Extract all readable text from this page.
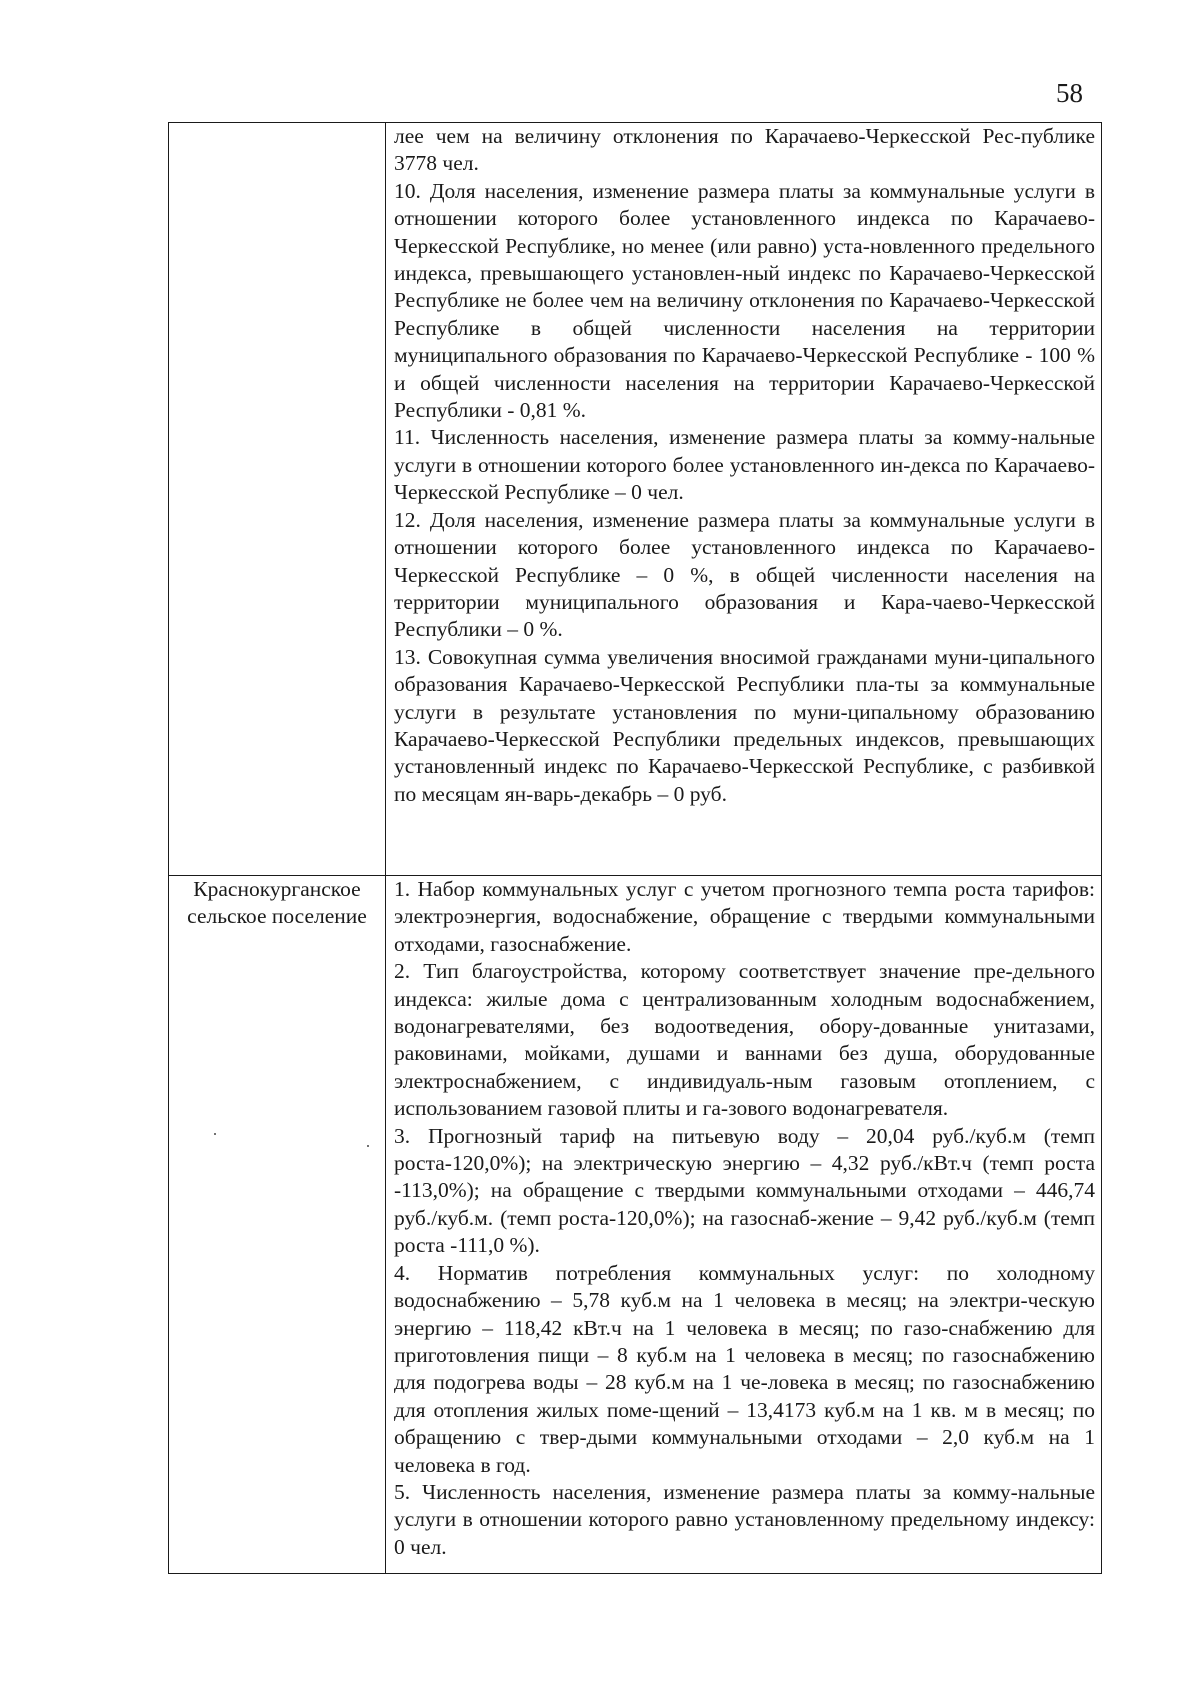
58

	лее чем на величину отклонения по Карачаево-Черкесской Рес-публике 3778 чел.

10. Доля населения, изменение размера платы за коммунальные услуги в отношении которого более установленного индекса по Карачаево-Черкесской Республике, но менее (или равно) уста-новленного предельного индекса, превышающего установлен-ный индекс по Карачаево-Черкесской Республике не более чем на величину отклонения по Карачаево-Черкесской Республике в общей численности населения на территории муниципального образования по Карачаево-Черкесской Республике - 100 % и общей численности населения на территории Карачаево-Черкесской Республики - 0,81 %.

11. Численность населения, изменение размера платы за комму-нальные услуги в отношении которого более установленного ин-декса по Карачаево-Черкесской Республике – 0 чел.

12. Доля населения, изменение размера платы за коммунальные услуги в отношении которого более установленного индекса по Карачаево-Черкесской Республике – 0 %, в общей численности населения на территории муниципального образования и Кара-чаево-Черкесской Республики – 0 %.

13. Совокупная сумма увеличения вносимой гражданами муни-ципального образования Карачаево-Черкесской Республики пла-ты за коммунальные услуги в результате установления по муни-ципальному образованию Карачаево-Черкесской Республики предельных индексов, превышающих установленный индекс по Карачаево-Черкесской Республике, с разбивкой по месяцам ян-варь-декабрь – 0 руб.

Краснокурганское сельское поселение	1. Набор коммунальных услуг с учетом прогнозного темпа роста тарифов: электроэнергия, водоснабжение, обращение с твердыми коммунальными отходами, газоснабжение.

2. Тип благоустройства, которому соответствует значение пре-дельного индекса: жилые дома с централизованным холодным водоснабжением, водонагревателями, без водоотведения, обору-дованные унитазами, раковинами, мойками, душами и ваннами без душа, оборудованные электроснабжением, с индивидуаль-ным газовым отоплением, с использованием газовой плиты и га-зового водонагревателя.

3. Прогнозный тариф на питьевую воду – 20,04 руб./куб.м (темп роста-120,0%); на электрическую энергию – 4,32 руб./кВт.ч (темп роста -113,0%); на обращение с твердыми коммунальными отходами – 446,74 руб./куб.м. (темп роста-120,0%); на газоснаб-жение – 9,42 руб./куб.м (темп роста -111,0 %).

4. Норматив потребления коммунальных услуг: по холодному водоснабжению – 5,78 куб.м на 1 человека в месяц; на электри-ческую энергию – 118,42 кВт.ч на 1 человека в месяц; по газо-снабжению для приготовления пищи – 8 куб.м на 1 человека в месяц; по газоснабжению для подогрева воды – 28 куб.м на 1 че-ловека в месяц; по газоснабжению для отопления жилых поме-щений – 13,4173 куб.м на 1 кв. м в месяц; по обращению с твер-дыми коммунальными отходами – 2,0 куб.м на 1 человека в год.

5. Численность населения, изменение размера платы за комму-нальные услуги в отношении которого равно установленному предельному индексу: 0 чел.
